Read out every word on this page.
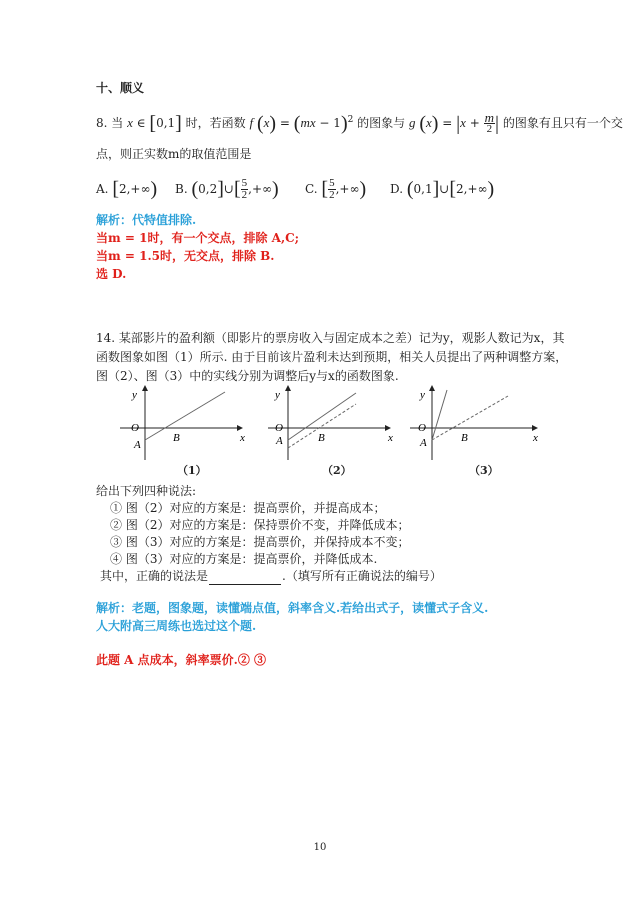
十、顺义
8. 当 x ∈ [0,1] 时，若函数 f (x) = (mx − 1)$^2$ 的图象与 g $(x) = |x + \frac{m}{2}$ | 的图象有且只有一个交
点，则正实数m的取值范围是
A. [2,+∞) B. (0,2]∪[ $\frac{5}{2}$ ,+∞) C. [ $\frac{5}{2}$ ,+∞) D. (0,1]∪[2,+∞)
解析：代特值排除.
当m = 1时，有一个交点，排除 A,C;
当m = 1.5时，无交点，排除 B.
选 D.
14. 某部影片的盈利额（即影片的票房收入与固定成本之差）记为y，观影人数记为x，其
函数图象如图（1）所示. 由于目前该片盈利未达到预期，相关人员提出了两种调整方案，
图（2）、图（3）中的实线分别为调整后y与x的函数图象.
y
x
O
A
B
y
x
O
A	B
y
x
O
A	B
（1）	（2）	（3）
给出下列四种说法:
① 图（2）对应的方案是：提高票价，并提高成本；
② 图（2）对应的方案是：保持票价不变，并降低成本；
③ 图（3）对应的方案是：提高票价，并保持成本不变；
④ 图（3）对应的方案是：提高票价，并降低成本.
其中，正确的说法是	.（填写所有正确说法的编号）
解析：老题，图象题，读懂端点值，斜率含义.若给出式子，读懂式子含义.
人大附高三周练也选过这个题.
此题 A 点成本，斜率票价.② ③
10
